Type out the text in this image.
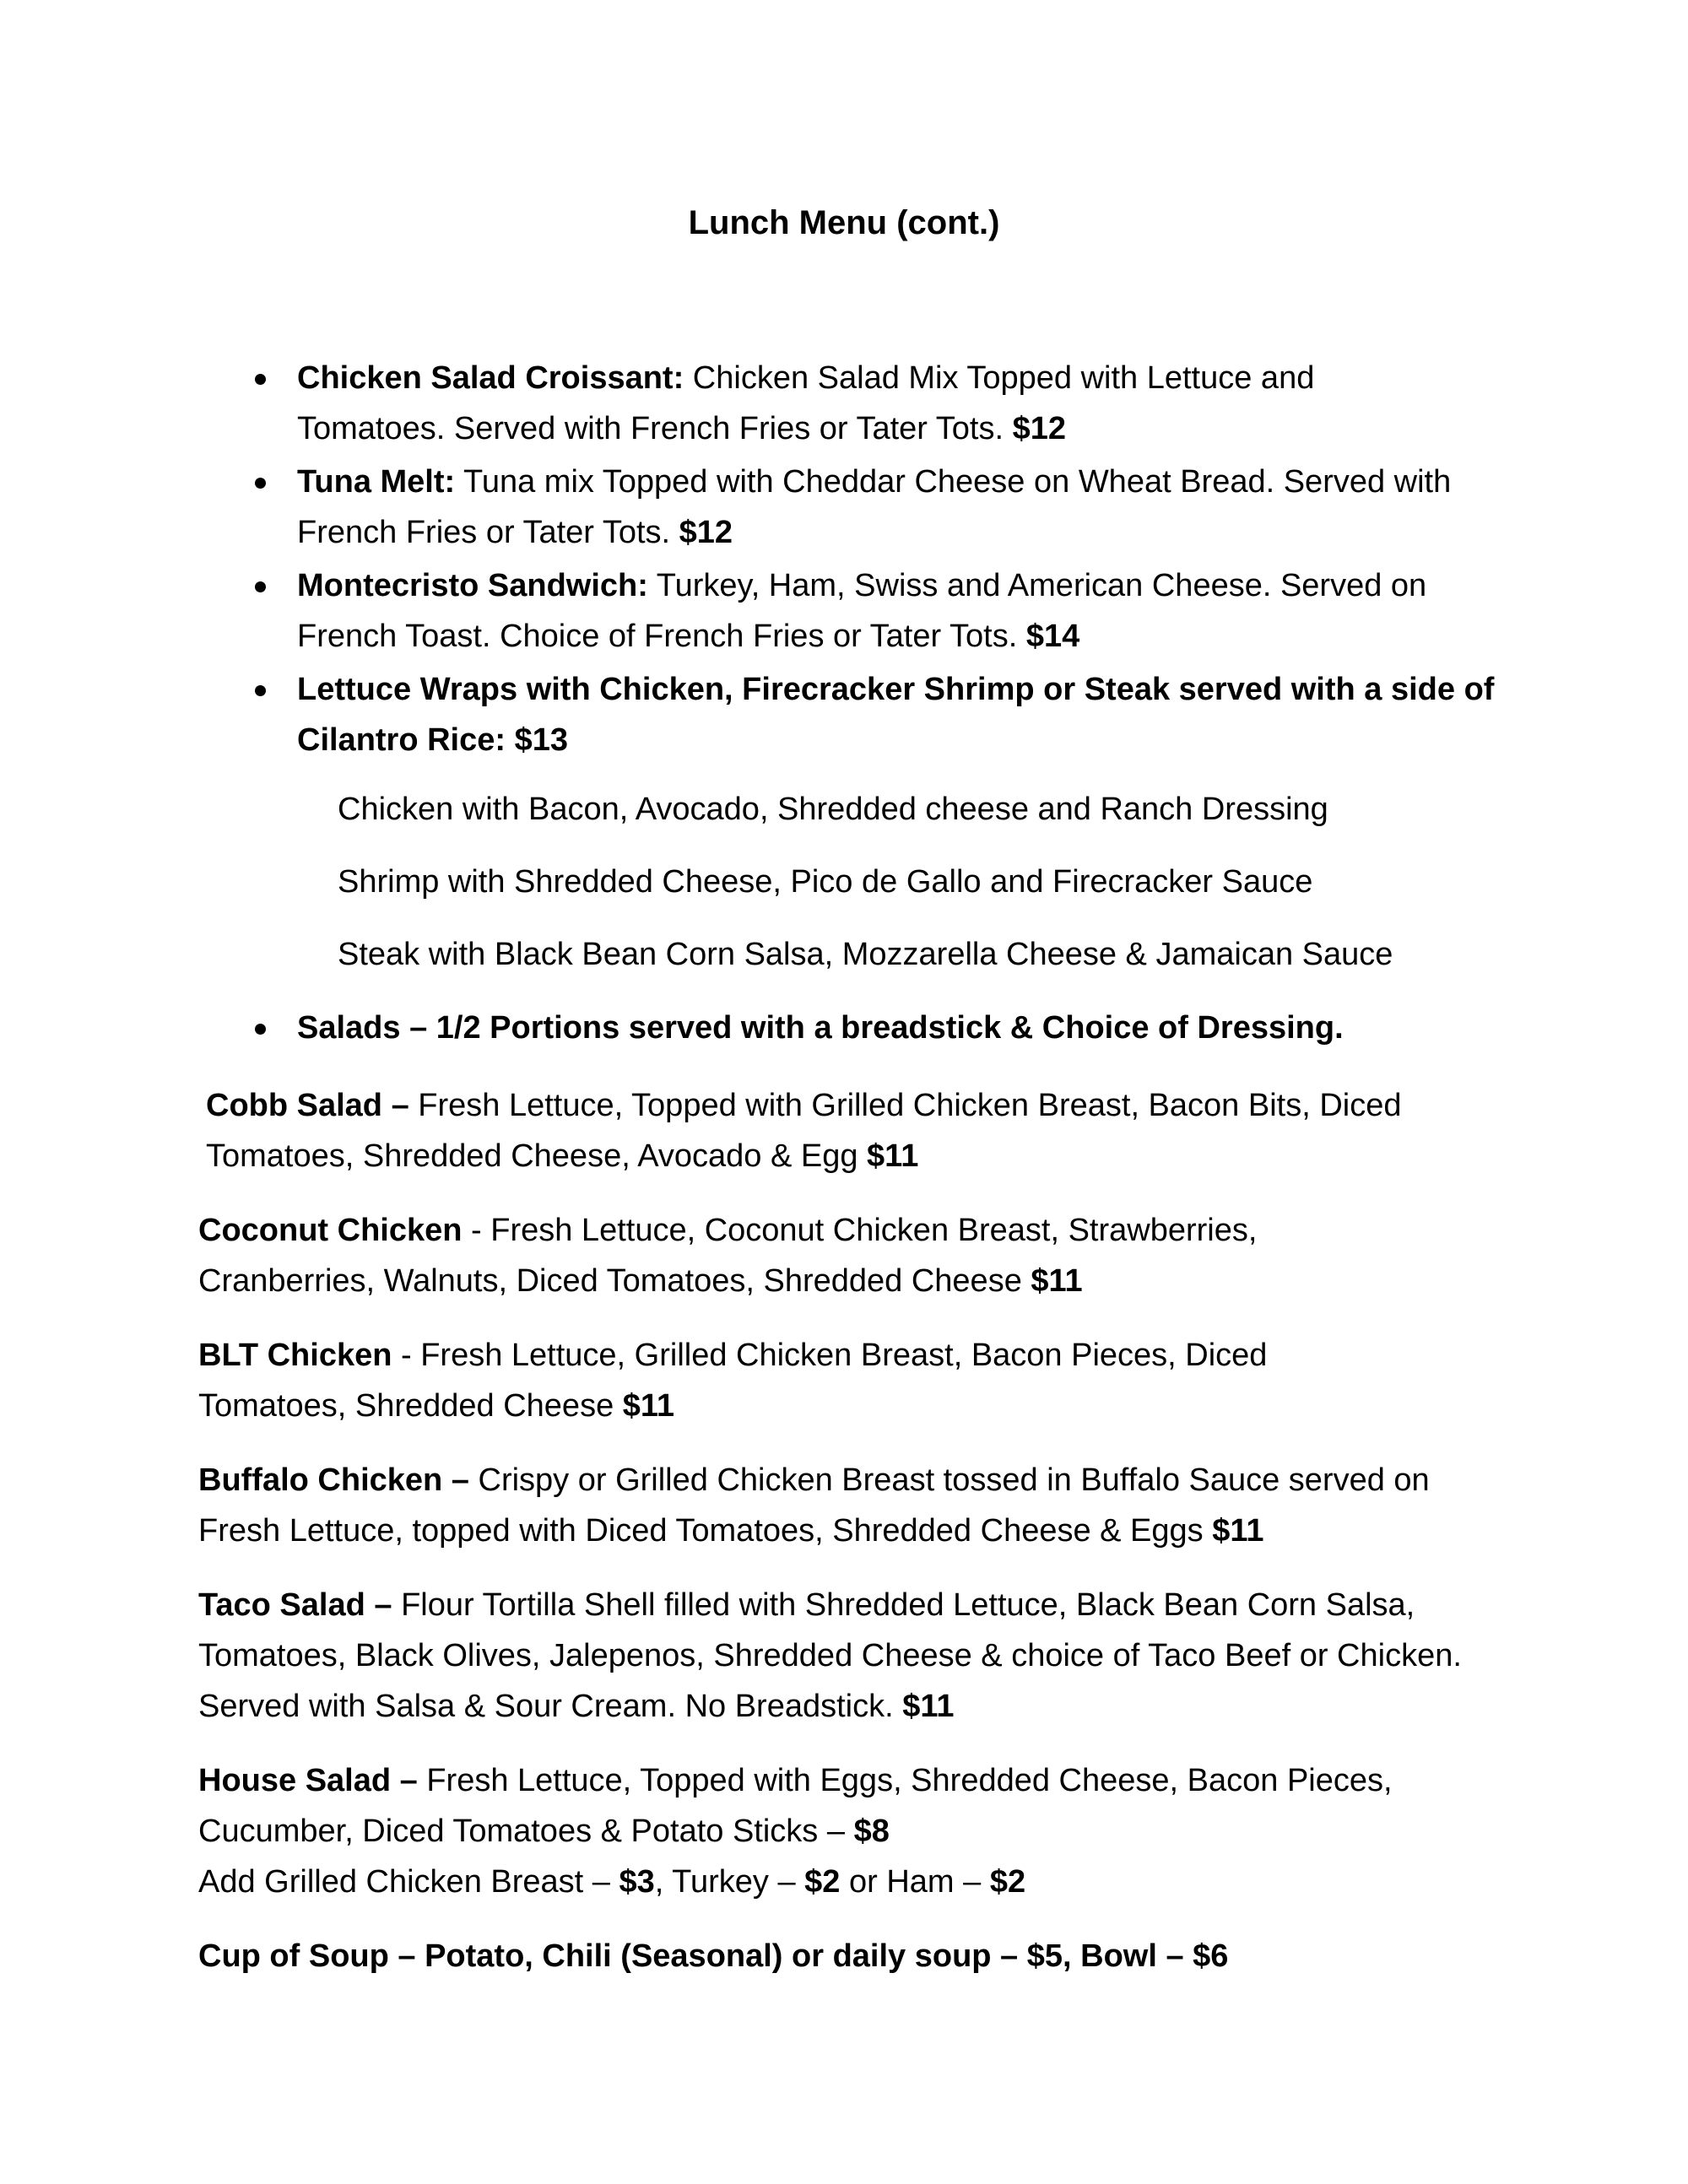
Lunch Menu (cont.)
Chicken Salad Croissant: Chicken Salad Mix Topped with Lettuce and Tomatoes. Served with French Fries or Tater Tots. $12
Tuna Melt: Tuna mix Topped with Cheddar Cheese on Wheat Bread. Served with French Fries or Tater Tots. $12
Montecristo Sandwich: Turkey, Ham, Swiss and American Cheese. Served on French Toast. Choice of French Fries or Tater Tots. $14
Lettuce Wraps with Chicken, Firecracker Shrimp or Steak served with a side of Cilantro Rice: $13
Chicken with Bacon, Avocado, Shredded cheese and Ranch Dressing
Shrimp with Shredded Cheese, Pico de Gallo and Firecracker Sauce
Steak with Black Bean Corn Salsa, Mozzarella Cheese & Jamaican Sauce
Salads – 1/2 Portions served with a breadstick & Choice of Dressing.
Cobb Salad – Fresh Lettuce, Topped with Grilled Chicken Breast, Bacon Bits, Diced Tomatoes, Shredded Cheese, Avocado & Egg $11
Coconut Chicken - Fresh Lettuce, Coconut Chicken Breast, Strawberries, Cranberries, Walnuts, Diced Tomatoes, Shredded Cheese $11
BLT Chicken - Fresh Lettuce, Grilled Chicken Breast, Bacon Pieces, Diced Tomatoes, Shredded Cheese $11
Buffalo Chicken – Crispy or Grilled Chicken Breast tossed in Buffalo Sauce served on Fresh Lettuce, topped with Diced Tomatoes, Shredded Cheese & Eggs $11
Taco Salad – Flour Tortilla Shell filled with Shredded Lettuce, Black Bean Corn Salsa, Tomatoes, Black Olives, Jalepenos, Shredded Cheese & choice of Taco Beef or Chicken. Served with Salsa & Sour Cream. No Breadstick. $11
House Salad – Fresh Lettuce, Topped with Eggs, Shredded Cheese, Bacon Pieces, Cucumber, Diced Tomatoes & Potato Sticks – $8
Add Grilled Chicken Breast – $3, Turkey – $2 or Ham – $2
Cup of Soup – Potato, Chili (Seasonal) or daily soup – $5, Bowl – $6
